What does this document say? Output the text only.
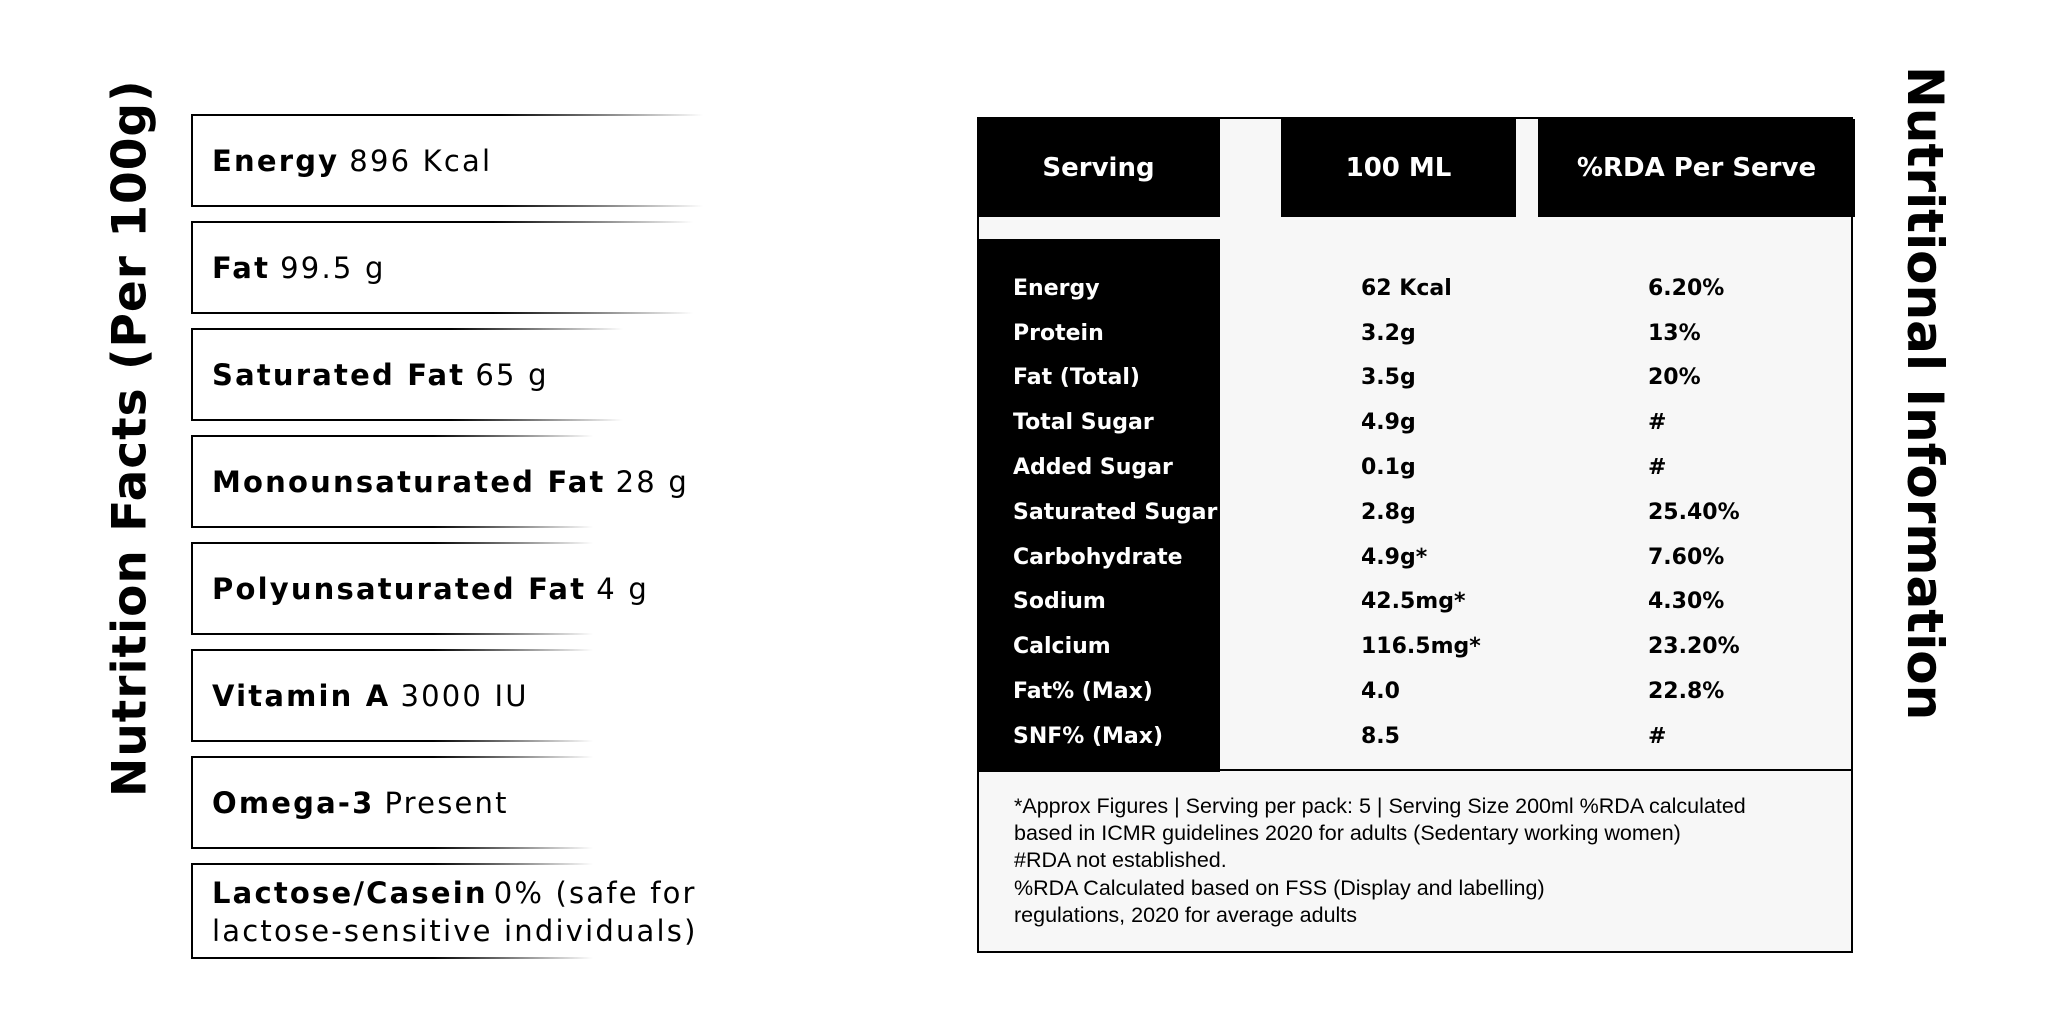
Nutrition Facts (Per 100g) Energy 896 Kcal
Fat 99.5 g
Saturated Fat 65 g
Monounsaturated Fat 28 g
Polyunsaturated Fat 4 g
Vitamin A 3000 IU
Omega-3 Present
Lactose/Casein 0% (safe for lactose-sensitive individuals)
Serving	100 ML	%RDA Per Serve
Energy	62 Kcal	6.20%
Protein	3.2g	13%
Fat (Total)	3.5g	20%
Total Sugar	4.9g	#
Added Sugar	0.1g	#
Saturated Sugar	2.8g	25.40%
Carbohydrate	4.9g*	7.60%
Sodium	42.5mg*	4.30%
Calcium	116.5mg*	23.20%
Fat% (Max)	4.0	22.8%
SNF% (Max)	8.5	#
*Approx Figures | Serving per pack: 5 | Serving Size 200ml %RDA calculated
based in ICMR guidelines 2020 for adults (Sedentary working women)
#RDA not established.
%RDA Calculated based on FSS (Display and labelling)
regulations, 2020 for average adults
Nutritional Information
